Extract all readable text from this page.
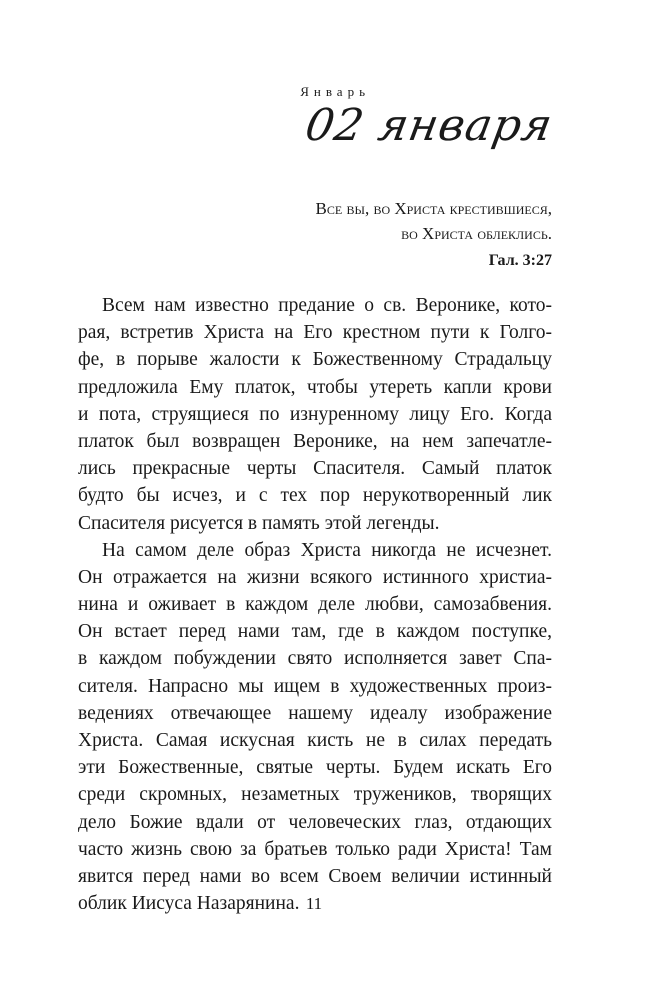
Январь
02 января
Все вы, во Христа крестившиеся,
во Христа облеклись.
Гал. 3:27
Всем нам известно предание о св. Веронике, кото-
рая, встретив Христа на Его крестном пути к Голго-
фе, в порыве жалости к Божественному Страдальцу
предложила Ему платок, чтобы утереть капли крови
и пота, струящиеся по изнуренному лицу Его. Когда
платок был возвращен Веронике, на нем запечатле-
лись прекрасные черты Спасителя. Самый платок
будто бы исчез, и с тех пор нерукотворенный лик
Спасителя рисуется в память этой легенды.
На самом деле образ Христа никогда не исчезнет.
Он отражается на жизни всякого истинного христиа-
нина и оживает в каждом деле любви, самозабвения.
Он встает перед нами там, где в каждом поступке,
в каждом побуждении свято исполняется завет Спа-
сителя. Напрасно мы ищем в художественных произ-
ведениях отвечающее нашему идеалу изображение
Христа. Самая искусная кисть не в силах передать
эти Божественные, святые черты. Будем искать Его
среди скромных, незаметных тружеников, творящих
дело Божие вдали от человеческих глаз, отдающих
часто жизнь свою за братьев только ради Христа! Там
явится перед нами во всем Своем величии истинный
облик Иисуса Назарянина. 11
